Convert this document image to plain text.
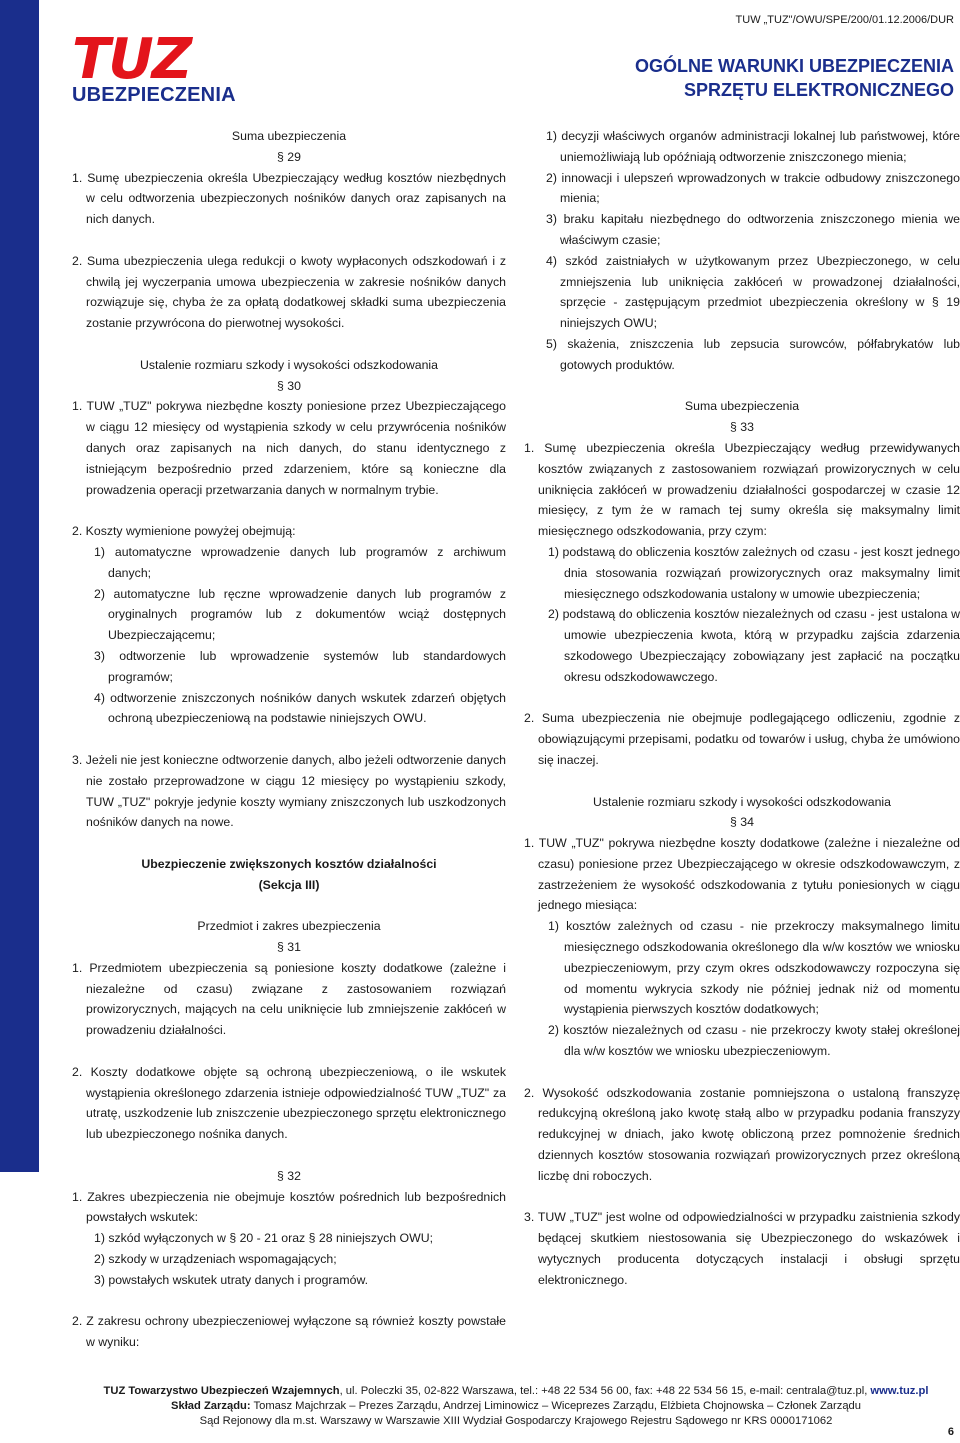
TUZ
UBEZPIECZENIA
TUW „TUZ"/OWU/SPE/200/01.12.2006/DUR
OGÓLNE WARUNKI UBEZPIECZENIA
SPRZĘTU ELEKTRONICZNEGO
Suma ubezpieczenia
§ 29
1. Sumę ubezpieczenia określa Ubezpieczający według kosztów niezbędnych w celu odtworzenia ubezpieczonych nośników danych oraz zapisanych na nich danych.
2. Suma ubezpieczenia ulega redukcji o kwoty wypłaconych odszkodowań i z chwilą jej wyczerpania umowa ubezpieczenia w zakresie nośników danych rozwiązuje się, chyba że za opłatą dodatkowej składki suma ubezpieczenia zostanie przywrócona do pierwotnej wysokości.
Ustalenie rozmiaru szkody i wysokości odszkodowania
§ 30
1. TUW „TUZ" pokrywa niezbędne koszty poniesione przez Ubezpieczającego w ciągu 12 miesięcy od wystąpienia szkody w celu przywrócenia nośników danych oraz zapisanych na nich danych, do stanu identycznego z istniejącym bezpośrednio przed zdarzeniem, które są konieczne dla prowadzenia operacji przetwarzania danych w normalnym trybie.
2. Koszty wymienione powyżej obejmują:
1) automatyczne wprowadzenie danych lub programów z archiwum danych;
2) automatyczne lub ręczne wprowadzenie danych lub programów z oryginalnych programów lub z dokumentów wciąż dostępnych Ubezpieczającemu;
3) odtworzenie lub wprowadzenie systemów lub standardowych programów;
4) odtworzenie zniszczonych nośników danych wskutek zdarzeń objętych ochroną ubezpieczeniową na podstawie niniejszych OWU.
3. Jeżeli nie jest konieczne odtworzenie danych, albo jeżeli odtworzenie danych nie zostało przeprowadzone w ciągu 12 miesięcy po wystąpieniu szkody, TUW „TUZ" pokryje jedynie koszty wymiany zniszczonych lub uszkodzonych nośników danych na nowe.
Ubezpieczenie zwiększonych kosztów działalności
(Sekcja III)
Przedmiot i zakres ubezpieczenia
§ 31
1. Przedmiotem ubezpieczenia są poniesione koszty dodatkowe (zależne i niezależne od czasu) związane z zastosowaniem rozwiązań prowizorycznych, mających na celu uniknięcie lub zmniejszenie zakłóceń w prowadzeniu działalności.
2. Koszty dodatkowe objęte są ochroną ubezpieczeniową, o ile wskutek wystąpienia określonego zdarzenia istnieje odpowiedzialność TUW „TUZ" za utratę, uszkodzenie lub zniszczenie ubezpieczonego sprzętu elektronicznego lub ubezpieczonego nośnika danych.
§ 32
1. Zakres ubezpieczenia nie obejmuje kosztów pośrednich lub bezpośrednich powstałych wskutek:
1) szkód wyłączonych w § 20 - 21 oraz § 28 niniejszych OWU;
2) szkody w urządzeniach wspomagających;
3) powstałych wskutek utraty danych i programów.
2. Z zakresu ochrony ubezpieczeniowej wyłączone są również koszty powstałe w wyniku:
1) decyzji właściwych organów administracji lokalnej lub państwowej, które uniemożliwiają lub opóźniają odtworzenie zniszczonego mienia;
2) innowacji i ulepszeń wprowadzonych w trakcie odbudowy zniszczonego mienia;
3) braku kapitału niezbędnego do odtworzenia zniszczonego mienia we właściwym czasie;
4) szkód zaistniałych w użytkowanym przez Ubezpieczonego, w celu zmniejszenia lub uniknięcia zakłóceń w prowadzonej działalności, sprzęcie - zastępującym przedmiot ubezpieczenia określony w § 19 niniejszych OWU;
5) skażenia, zniszczenia lub zepsucia surowców, półfabrykatów lub gotowych produktów.
Suma ubezpieczenia
§ 33
1. Sumę ubezpieczenia określa Ubezpieczający według przewidywanych kosztów związanych z zastosowaniem rozwiązań prowizorycznych w celu uniknięcia zakłóceń w prowadzeniu działalności gospodarczej w czasie 12 miesięcy, z tym że w ramach tej sumy określa się maksymalny limit miesięcznego odszkodowania, przy czym:
1) podstawą do obliczenia kosztów zależnych od czasu - jest koszt jednego dnia stosowania rozwiązań prowizorycznych oraz maksymalny limit miesięcznego odszkodowania ustalony w umowie ubezpieczenia;
2) podstawą do obliczenia kosztów niezależnych od czasu - jest ustalona w umowie ubezpieczenia kwota, którą w przypadku zajścia zdarzenia szkodowego Ubezpieczający zobowiązany jest zapłacić na początku okresu odszkodowawczego.
2. Suma ubezpieczenia nie obejmuje podlegającego odliczeniu, zgodnie z obowiązującymi przepisami, podatku od towarów i usług, chyba że umówiono się inaczej.
Ustalenie rozmiaru szkody i wysokości odszkodowania
§ 34
1. TUW „TUZ" pokrywa niezbędne koszty dodatkowe (zależne i niezależne od czasu) poniesione przez Ubezpieczającego w okresie odszkodowawczym, z zastrzeżeniem że wysokość odszkodowania z tytułu poniesionych w ciągu jednego miesiąca:
1) kosztów zależnych od czasu - nie przekroczy maksymalnego limitu miesięcznego odszkodowania określonego dla w/w kosztów we wniosku ubezpieczeniowym, przy czym okres odszkodowawczy rozpoczyna się od momentu wykrycia szkody nie później jednak niż od momentu wystąpienia pierwszych kosztów dodatkowych;
2) kosztów niezależnych od czasu - nie przekroczy kwoty stałej określonej dla w/w kosztów we wniosku ubezpieczeniowym.
2. Wysokość odszkodowania zostanie pomniejszona o ustaloną franszyzę redukcyjną określoną jako kwotę stałą albo w przypadku podania franszyzy redukcyjnej w dniach, jako kwotę obliczoną przez pomnożenie średnich dziennych kosztów stosowania rozwiązań prowizorycznych przez określoną liczbę dni roboczych.
3. TUW „TUZ" jest wolne od odpowiedzialności w przypadku zaistnienia szkody będącej skutkiem niestosowania się Ubezpieczonego do wskazówek i wytycznych producenta dotyczących instalacji i obsługi sprzętu elektronicznego.
TUZ Towarzystwo Ubezpieczeń Wzajemnych, ul. Poleczki 35, 02-822 Warszawa, tel.: +48 22 534 56 00, fax: +48 22 534 56 15, e-mail: centrala@tuz.pl, www.tuz.pl
Skład Zarządu: Tomasz Majchrzak – Prezes Zarządu, Andrzej Liminowicz – Wiceprezes Zarządu, Elżbieta Chojnowska – Członek Zarządu
Sąd Rejonowy dla m.st. Warszawy w Warszawie XIII Wydział Gospodarczy Krajowego Rejestru Sądowego nr KRS 0000171062
6
